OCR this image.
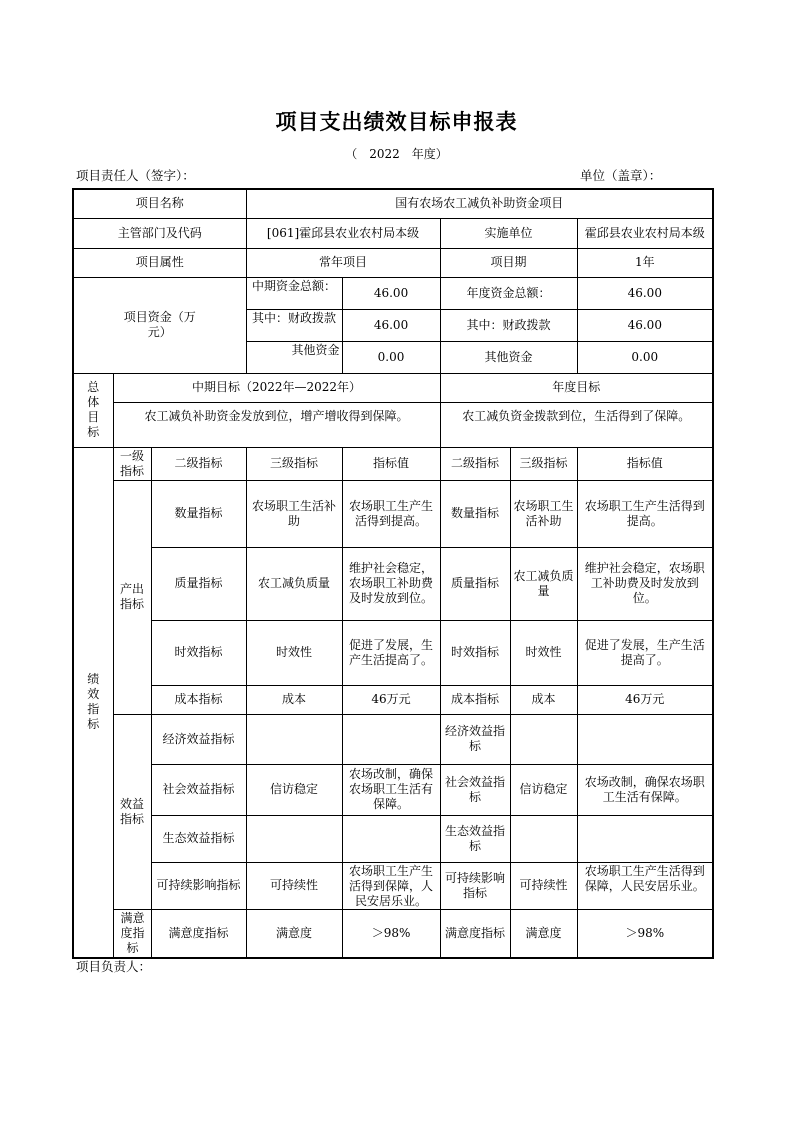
项目支出绩效目标申报表
（　2022　年度）
项目责任人（签字）：	单位（盖章）：
项目名称			国有农场农工减负补助资金项目				
主管部门及代码			[061]霍邱县农业农村局本级		实施单位		霍邱县农业农村局本级
项目属性			常年项目		项目期		1年

项目资金（万元）			中期资金总额：	46.00	年度资金总额：		46.00

			其中：财政拨款	46.00	其中：财政拨款		46.00

			其他资金	0.00	其他资金		0.00

总体目标	中期目标（2022年—2022年）				年度目标		
	农工减负补助资金发放到位，增产增收得到保障。				农工减负资金拨款到位，生活得到了保障。		

绩效指标	一级指标	二级指标	三级指标	指标值	二级指标	三级指标	指标值

	产出指标	数量指标	农场职工生活补助	农场职工生产生活得到提高。	数量指标	农场职工生活补助	农场职工生产生活得到提高。
		质量指标	农工减负质量	维护社会稳定，农场职工补助费及时发放到位。	质量指标	农工减负质量	维护社会稳定，农场职工补助费及时发放到位。
		时效指标	时效性	促进了发展，生产生活提高了。	时效指标	时效性	促进了发展，生产生活提高了。
		成本指标	成本	46万元	成本指标	成本	46万元

	效益指标	经济效益指标			经济效益指标		
		社会效益指标	信访稳定	农场改制，确保农场职工生活有保障。	社会效益指标	信访稳定	农场改制，确保农场职工生活有保障。
		生态效益指标			生态效益指标		
		可持续影响指标	可持续性	农场职工生产生活得到保障，人民安居乐业。	可持续影响指标	可持续性	农场职工生产生活得到保障，人民安居乐业。

	满意度指标	满意度指标	满意度	＞98%	满意度指标	满意度	＞98%
项目负责人：
